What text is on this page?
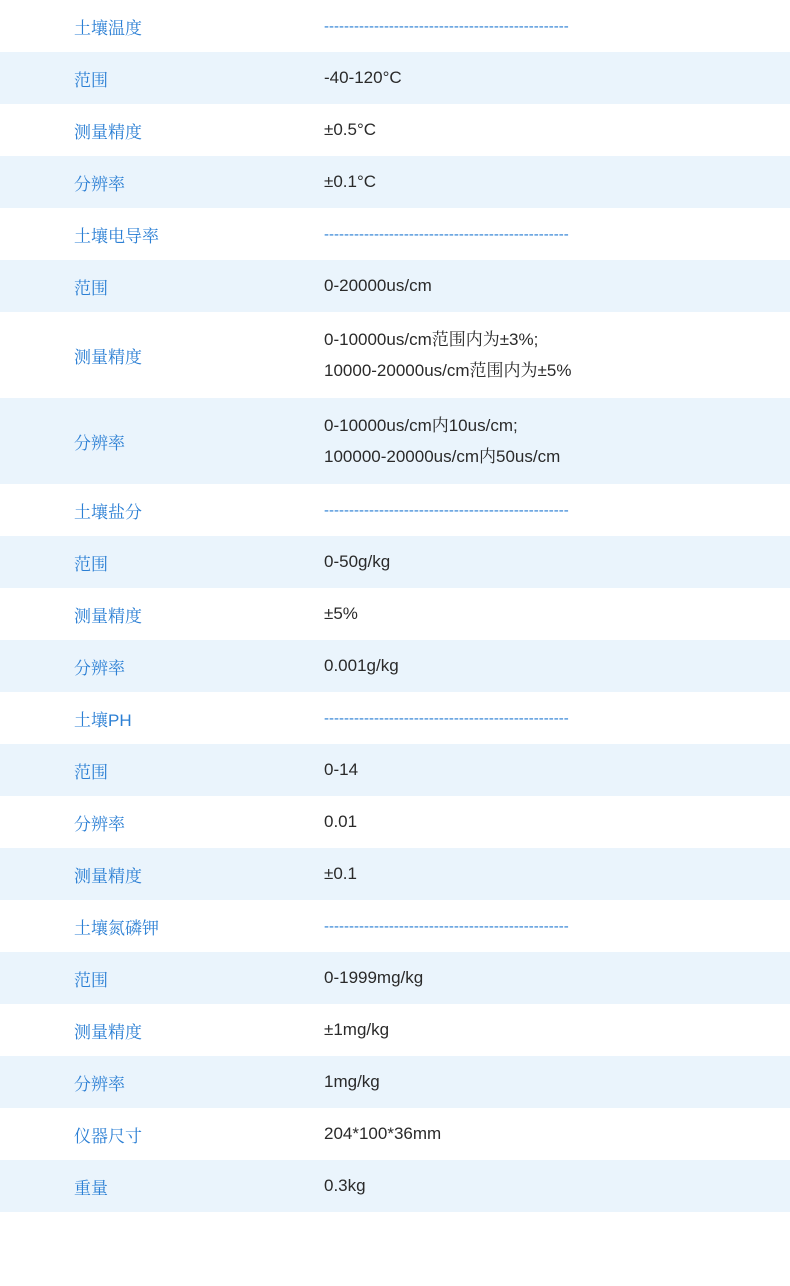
土壤温度	-------------------------------------------------

范围	-40-120°C

测量精度	±0.5°C

分辨率	±0.1°C

土壤电导率	-------------------------------------------------

范围	0-20000us/cm

测量精度	0-10000us/cm范围内为±3%;
10000-20000us/cm范围内为±5%

分辨率	0-10000us/cm内10us/cm;
100000-20000us/cm内50us/cm

土壤盐分	-------------------------------------------------

范围	0-50g/kg

测量精度	±5%

分辨率	0.001g/kg

土壤PH	-------------------------------------------------

范围	0-14

分辨率	0.01

测量精度	±0.1

土壤氮磷钾	-------------------------------------------------

范围	0-1999mg/kg

测量精度	±1mg/kg

分辨率	1mg/kg

仪器尺寸	204*100*36mm

重量	0.3kg
